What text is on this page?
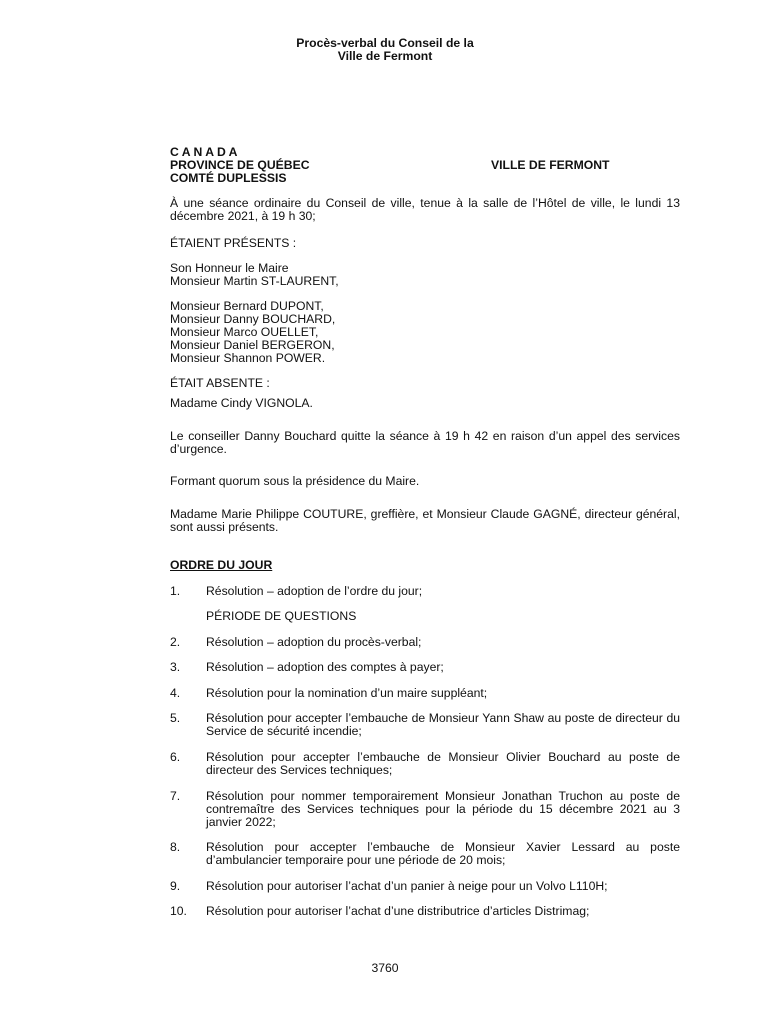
Procès-verbal du Conseil de la
Ville de Fermont
C A N A D A
PROVINCE DE QUÉBEC
COMTÉ DUPLESSIS
VILLE DE FERMONT
À une séance ordinaire du Conseil de ville, tenue à la salle de l’Hôtel de ville, le lundi 13 décembre 2021, à 19 h 30;
ÉTAIENT PRÉSENTS :
Son Honneur le Maire
Monsieur Martin ST-LAURENT,
Monsieur Bernard DUPONT,
Monsieur Danny BOUCHARD,
Monsieur Marco OUELLET,
Monsieur Daniel BERGERON,
Monsieur Shannon POWER.
ÉTAIT ABSENTE :
Madame Cindy VIGNOLA.
Le conseiller Danny Bouchard quitte la séance à 19 h 42 en raison d’un appel des services d’urgence.
Formant quorum sous la présidence du Maire.
Madame Marie Philippe COUTURE, greffière, et Monsieur Claude GAGNÉ, directeur général, sont aussi présents.
ORDRE DU JOUR
1.	Résolution – adoption de l’ordre du jour;
PÉRIODE DE QUESTIONS
2.	Résolution – adoption du procès-verbal;
3.	Résolution – adoption des comptes à payer;
4.	Résolution pour la nomination d’un maire suppléant;
5.	Résolution pour accepter l’embauche de Monsieur Yann Shaw au poste de directeur du Service de sécurité incendie;
6.	Résolution pour accepter l’embauche de Monsieur Olivier Bouchard au poste de directeur des Services techniques;
7.	Résolution pour nommer temporairement Monsieur Jonathan Truchon au poste de contremaître des Services techniques pour la période du 15 décembre 2021 au 3 janvier 2022;
8.	Résolution pour accepter l’embauche de Monsieur Xavier Lessard au poste d’ambulancier temporaire pour une période de 20 mois;
9.	Résolution pour autoriser l’achat d’un panier à neige pour un Volvo L110H;
10.	Résolution pour autoriser l’achat d’une distributrice d’articles Distrimag;
3760
